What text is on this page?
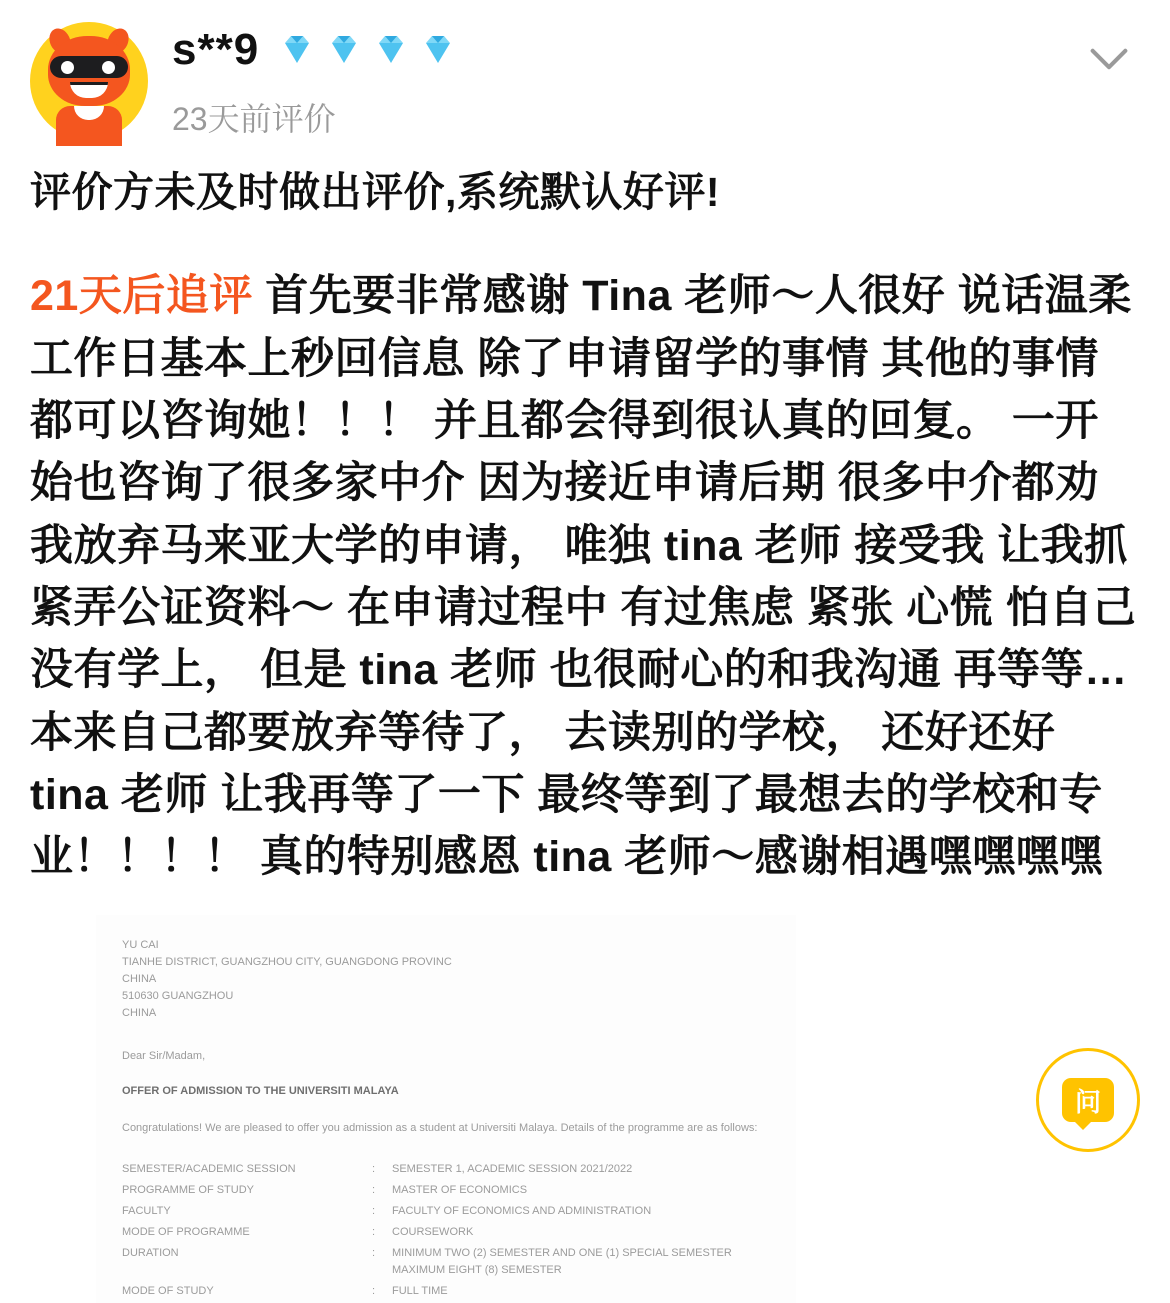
s**9
23天前评价
评价方未及时做出评价,系统默认好评!
21天后追评 首先要非常感谢 Tina 老师～人很好 说话温柔 工作日基本上秒回信息 除了申请留学的事情 其他的事情都可以咨询她！！！ 并且都会得到很认真的回复。 一开始也咨询了很多家中介 因为接近申请后期 很多中介都劝我放弃马来亚大学的申请， 唯独 tina 老师 接受我 让我抓紧弄公证资料～ 在申请过程中 有过焦虑 紧张 心慌 怕自己没有学上， 但是 tina 老师 也很耐心的和我沟通 再等等…本来自己都要放弃等待了， 去读别的学校， 还好还好 tina 老师 让我再等了一下 最终等到了最想去的学校和专业！！！！ 真的特别感恩 tina 老师～感谢相遇嘿嘿嘿嘿
YU CAI
TIANHE DISTRICT, GUANGZHOU CITY, GUANGDONG PROVINC
CHINA
510630 GUANGZHOU
CHINA
Dear Sir/Madam,
OFFER OF ADMISSION TO THE UNIVERSITI MALAYA
Congratulations! We are pleased to offer you admission as a student at Universiti Malaya. Details of the programme are as follows:
SEMESTER/ACADEMIC SESSION	:	SEMESTER 1, ACADEMIC SESSION 2021/2022
PROGRAMME OF STUDY	:	MASTER OF ECONOMICS
FACULTY	:	FACULTY OF ECONOMICS AND ADMINISTRATION
MODE OF PROGRAMME	:	COURSEWORK
DURATION	:	MINIMUM TWO (2) SEMESTER AND ONE (1) SPECIAL SEMESTER
MAXIMUM EIGHT (8) SEMESTER
MODE OF STUDY	:	FULL TIME
问
